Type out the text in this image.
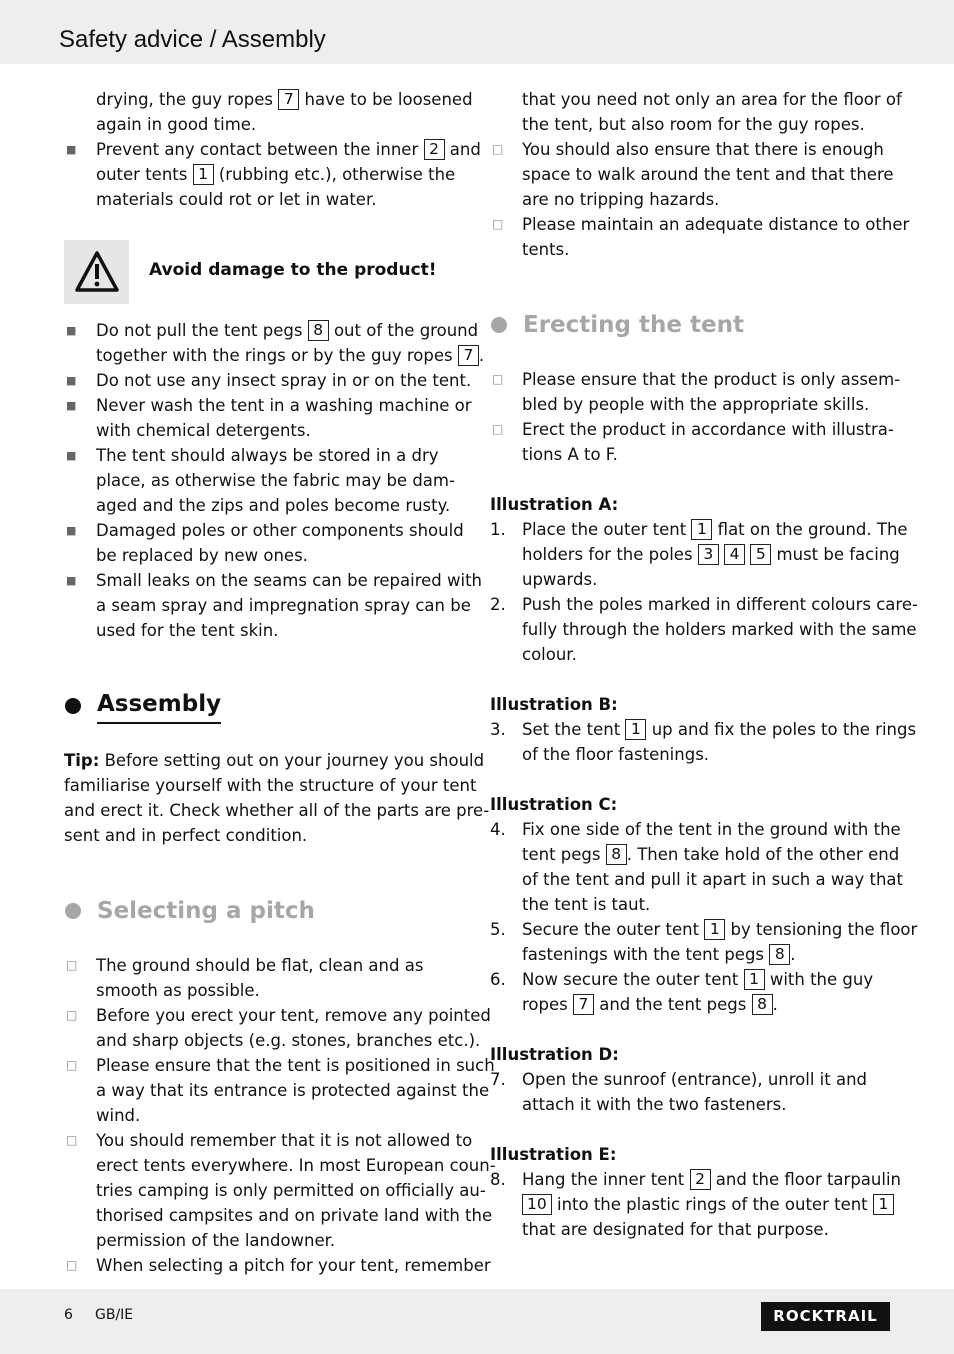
Safety advice / Assembly
drying, the guy ropes 7 have to be loosened
again in good time.
■ Prevent any contact between the inner 2 and
outer tents 1 (rubbing etc.), otherwise the
materials could rot or let in water.
Avoid damage to the product!
■ Do not pull the tent pegs 8 out of the ground
together with the rings or by the guy ropes 7 .
■ Do not use any insect spray in or on the tent.
■ Never wash the tent in a washing machine or
with chemical detergents.
■ The tent should always be stored in a dry
place, as otherwise the fabric may be dam-
aged and the zips and poles become rusty.
■ Damaged poles or other components should
be replaced by new ones.
■ Small leaks on the seams can be repaired with
a seam spray and impregnation spray can be
used for the tent skin.
Assembly
Tip: Before setting out on your journey you should
familiarise yourself with the structure of your tent
and erect it. Check whether all of the parts are pre-
sent and in perfect condition.
Selecting a pitch
□ The ground should be flat, clean and as
smooth as possible.
□ Before you erect your tent, remove any pointed
and sharp objects (e.g. stones, branches etc.).
□ Please ensure that the tent is positioned in such
a way that its entrance is protected against the
wind.
□ You should remember that it is not allowed to
erect tents everywhere. In most European coun-
tries camping is only permitted on officially au-
thorised campsites and on private land with the
permission of the landowner.
□ When selecting a pitch for your tent, remember
that you need not only an area for the floor of
the tent, but also room for the guy ropes.
□ You should also ensure that there is enough
space to walk around the tent and that there
are no tripping hazards.
□ Please maintain an adequate distance to other
tents.
Erecting the tent
□ Please ensure that the product is only assem-
bled by people with the appropriate skills.
□ Erect the product in accordance with illustra-
tions A to F.
Illustration A:
1. Place the outer tent 1 flat on the ground. The
holders for the poles 3 4 5 must be facing
upwards.
2. Push the poles marked in different colours care-
fully through the holders marked with the same
colour.
Illustration B:
3. Set the tent 1 up and fix the poles to the rings
of the floor fastenings.
Illustration C:
4. Fix one side of the tent in the ground with the
tent pegs 8 . Then take hold of the other end
of the tent and pull it apart in such a way that
the tent is taut.
5. Secure the outer tent 1 by tensioning the floor
fastenings with the tent pegs 8 .
6. Now secure the outer tent 1 with the guy
ropes 7 and the tent pegs 8 .
Illustration D:
7. Open the sunroof (entrance), unroll it and
attach it with the two fasteners.
Illustration E:
8. Hang the inner tent 2 and the floor tarpaulin
10 into the plastic rings of the outer tent 1
that are designated for that purpose.
6 GB/IE	ROCKTRAIL
